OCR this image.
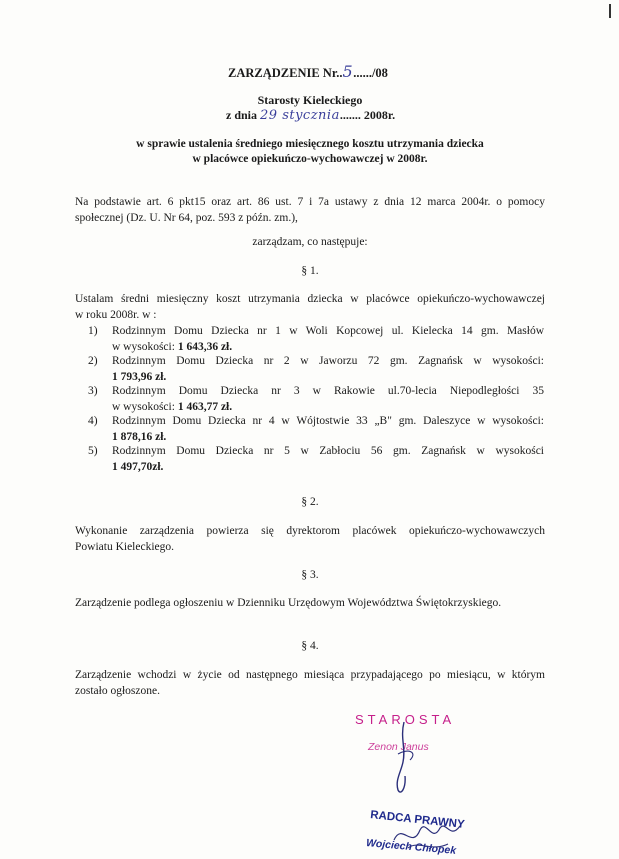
ZARZĄDZENIE Nr..5....../08
Starosty Kieleckiego
z dnia 29 stycznia....... 2008r.
w sprawie ustalenia średniego miesięcznego kosztu utrzymania dziecka
w placówce opiekuńczo-wychowawczej w 2008r.
Na podstawie art. 6 pkt15 oraz art. 86 ust. 7 i 7a ustawy z dnia 12 marca 2004r. o pomocy
społecznej (Dz. U. Nr 64, poz. 593 z późn. zm.),
zarządzam, co następuje:
§ 1.
Ustalam średni miesięczny koszt utrzymania dziecka w placówce opiekuńczo-wychowawczej
w roku 2008r. w :
1) Rodzinnym Domu Dziecka nr 1 w Woli Kopcowej ul. Kielecka 14 gm. Masłów
w wysokości: 1 643,36 zł.
2) Rodzinnym Domu Dziecka nr 2 w Jaworzu 72 gm. Zagnańsk w wysokości:
1 793,96 zł.
3) Rodzinnym Domu Dziecka nr 3 w Rakowie ul.70-lecia Niepodległości 35
w wysokości: 1 463,77 zł.
4) Rodzinnym Domu Dziecka nr 4 w Wójtostwie 33 „B" gm. Daleszyce w wysokości:
1 878,16 zł.
5) Rodzinnym Domu Dziecka nr 5 w Zabłociu 56 gm. Zagnańsk w wysokości
1 497,70zł.
§ 2.
Wykonanie zarządzenia powierza się dyrektorom placówek opiekuńczo-wychowawczych
Powiatu Kieleckiego.
§ 3.
Zarządzenie podlega ogłoszeniu w Dzienniku Urzędowym Województwa Świętokrzyskiego.
§ 4.
Zarządzenie wchodzi w życie od następnego miesiąca przypadającego po miesiącu, w którym
zostało ogłoszone.
STAROSTA
Zenon Janus
RADCA PRAWNY
Wojciech Chłopek
